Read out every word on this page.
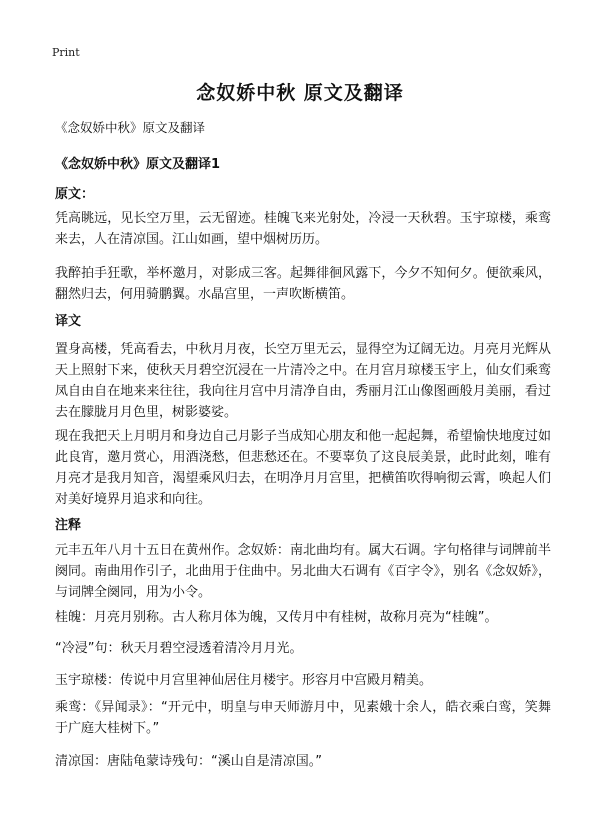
Print
念奴娇中秋 原文及翻译

《念奴娇中秋》原文及翻译

《念奴娇中秋》原文及翻译1

原文：

凭高眺远，见长空万里，云无留迹。桂魄飞来光射处，冷浸一天秋碧。玉宇琼楼，乘鸾来去，人在清凉国。江山如画，望中烟树历历。

我醉拍手狂歌，举杯邀月，对影成三客。起舞徘徊风露下，今夕不知何夕。便欲乘风，翻然归去，何用骑鹏翼。水晶宫里，一声吹断横笛。

译文

置身高楼，凭高看去，中秋月月夜，长空万里无云，显得空为辽阔无边。月亮月光辉从天上照射下来，使秋天月碧空沉浸在一片清冷之中。在月宫月琼楼玉宇上，仙女们乘鸾凤自由自在地来来往往，我向往月宫中月清净自由，秀丽月江山像图画般月美丽，看过去在朦胧月月色里，树影婆娑。

现在我把天上月明月和身边自己月影子当成知心朋友和他一起起舞，希望愉快地度过如此良宵，邀月赏心，用酒浇愁，但悲愁还在。不要辜负了这良辰美景，此时此刻，唯有月亮才是我月知音，渴望乘风归去，在明净月月宫里，把横笛吹得响彻云霄，唤起人们对美好境界月追求和向往。

注释

元丰五年八月十五日在黄州作。念奴娇：南北曲均有。属大石调。字句格律与词牌前半阕同。南曲用作引子，北曲用于住曲中。另北曲大石调有《百字令》，别名《念奴娇》，与词牌全阕同，用为小令。

桂魄：月亮月别称。古人称月体为魄，又传月中有桂树，故称月亮为“桂魄”。

“冷浸”句：秋天月碧空浸透着清冷月月光。

玉宇琼楼：传说中月宫里神仙居住月楼宇。形容月中宫殿月精美。

乘鸾：《异闻录》：“开元中，明皇与申天师游月中，见素娥十余人，皓衣乘白鸾，笑舞于广庭大桂树下。”

清凉国：唐陆龟蒙诗残句：“溪山自是清凉国。”
